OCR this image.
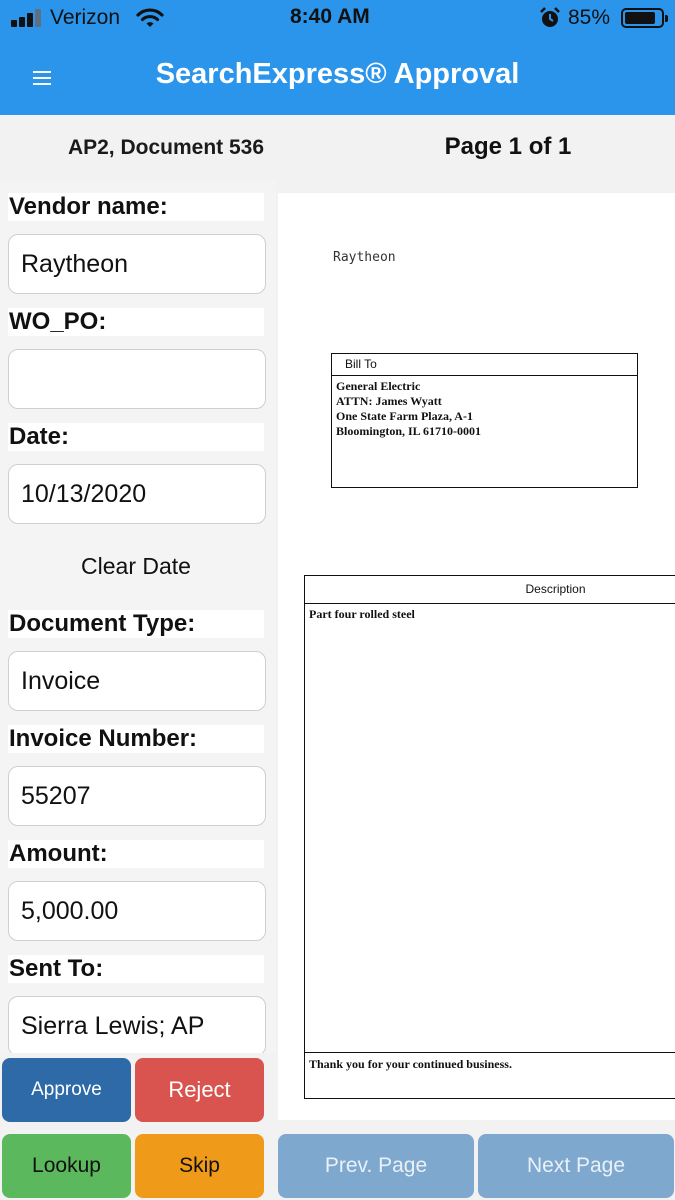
Verizon	8:40 AM	85%
SearchExpress® Approval
AP2, Document 536	Page 1 of 1
Vendor name:
Raytheon
WO_PO:
Date:
10/13/2020
Clear Date
Document Type:
Invoice
Invoice Number:
55207
Amount:
5,000.00
Sent To:
Sierra Lewis; AP
Raytheon
Bill To
General Electric
ATTN: James Wyatt
One State Farm Plaza, A-1
Bloomington, IL 61710-0001
Description
Part four rolled steel
Thank you for your continued business.
Approve	Reject
Lookup	Skip	Prev. Page	Next Page
